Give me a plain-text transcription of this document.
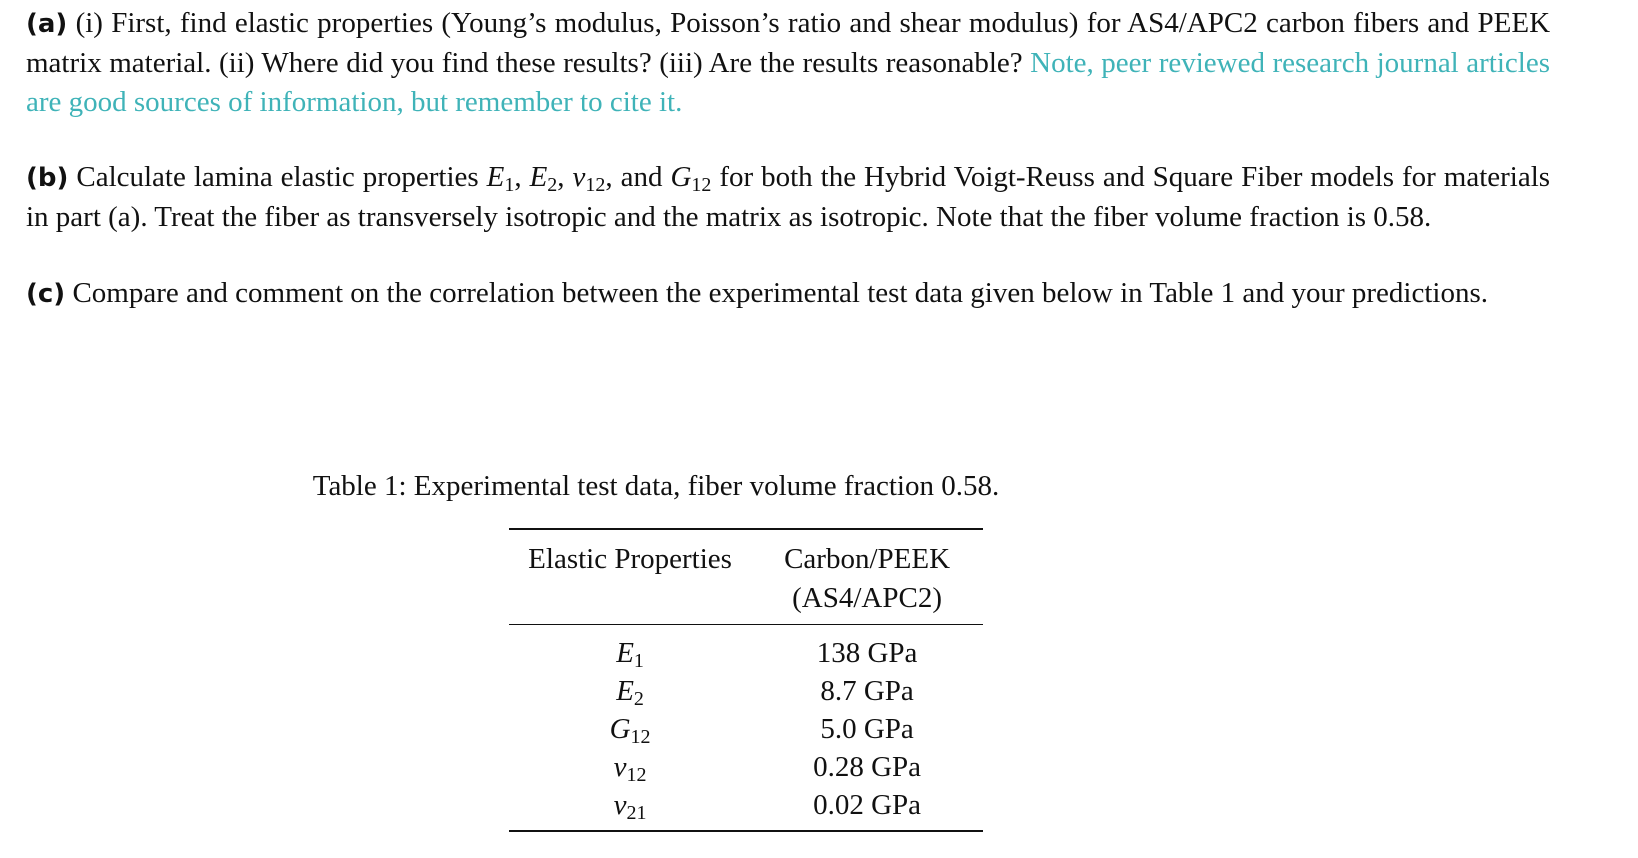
(a) (i) First, find elastic properties (Young’s modulus, Poisson’s ratio and shear modulus) for AS4/APC2 carbon fibers and PEEK matrix material. (ii) Where did you find these results? (iii) Are the results reasonable? Note, peer reviewed research journal articles are good sources of information, but remember to cite it.

(b) Calculate lamina elastic properties $E_1$, $E_2$, $\nu_{12}$, and $G_{12}$ for both the Hybrid Voigt-Reuss and Square Fiber models for materials in part (a). Treat the fiber as transversely isotropic and the matrix as isotropic. Note that the fiber volume fraction is 0.58.

(c) Compare and comment on the correlation between the experimental test data given below in Table 1 and your predictions.

Table 1: Experimental test data, fiber volume fraction 0.58.
Elastic Properties	Carbon/PEEK
(AS4/APC2)

$E_1$	138 GPa
$E_2$	8.7 GPa
$G_{12}$	5.0 GPa
$\nu_{12}$	0.28 GPa
$\nu_{21}$	0.02 GPa
